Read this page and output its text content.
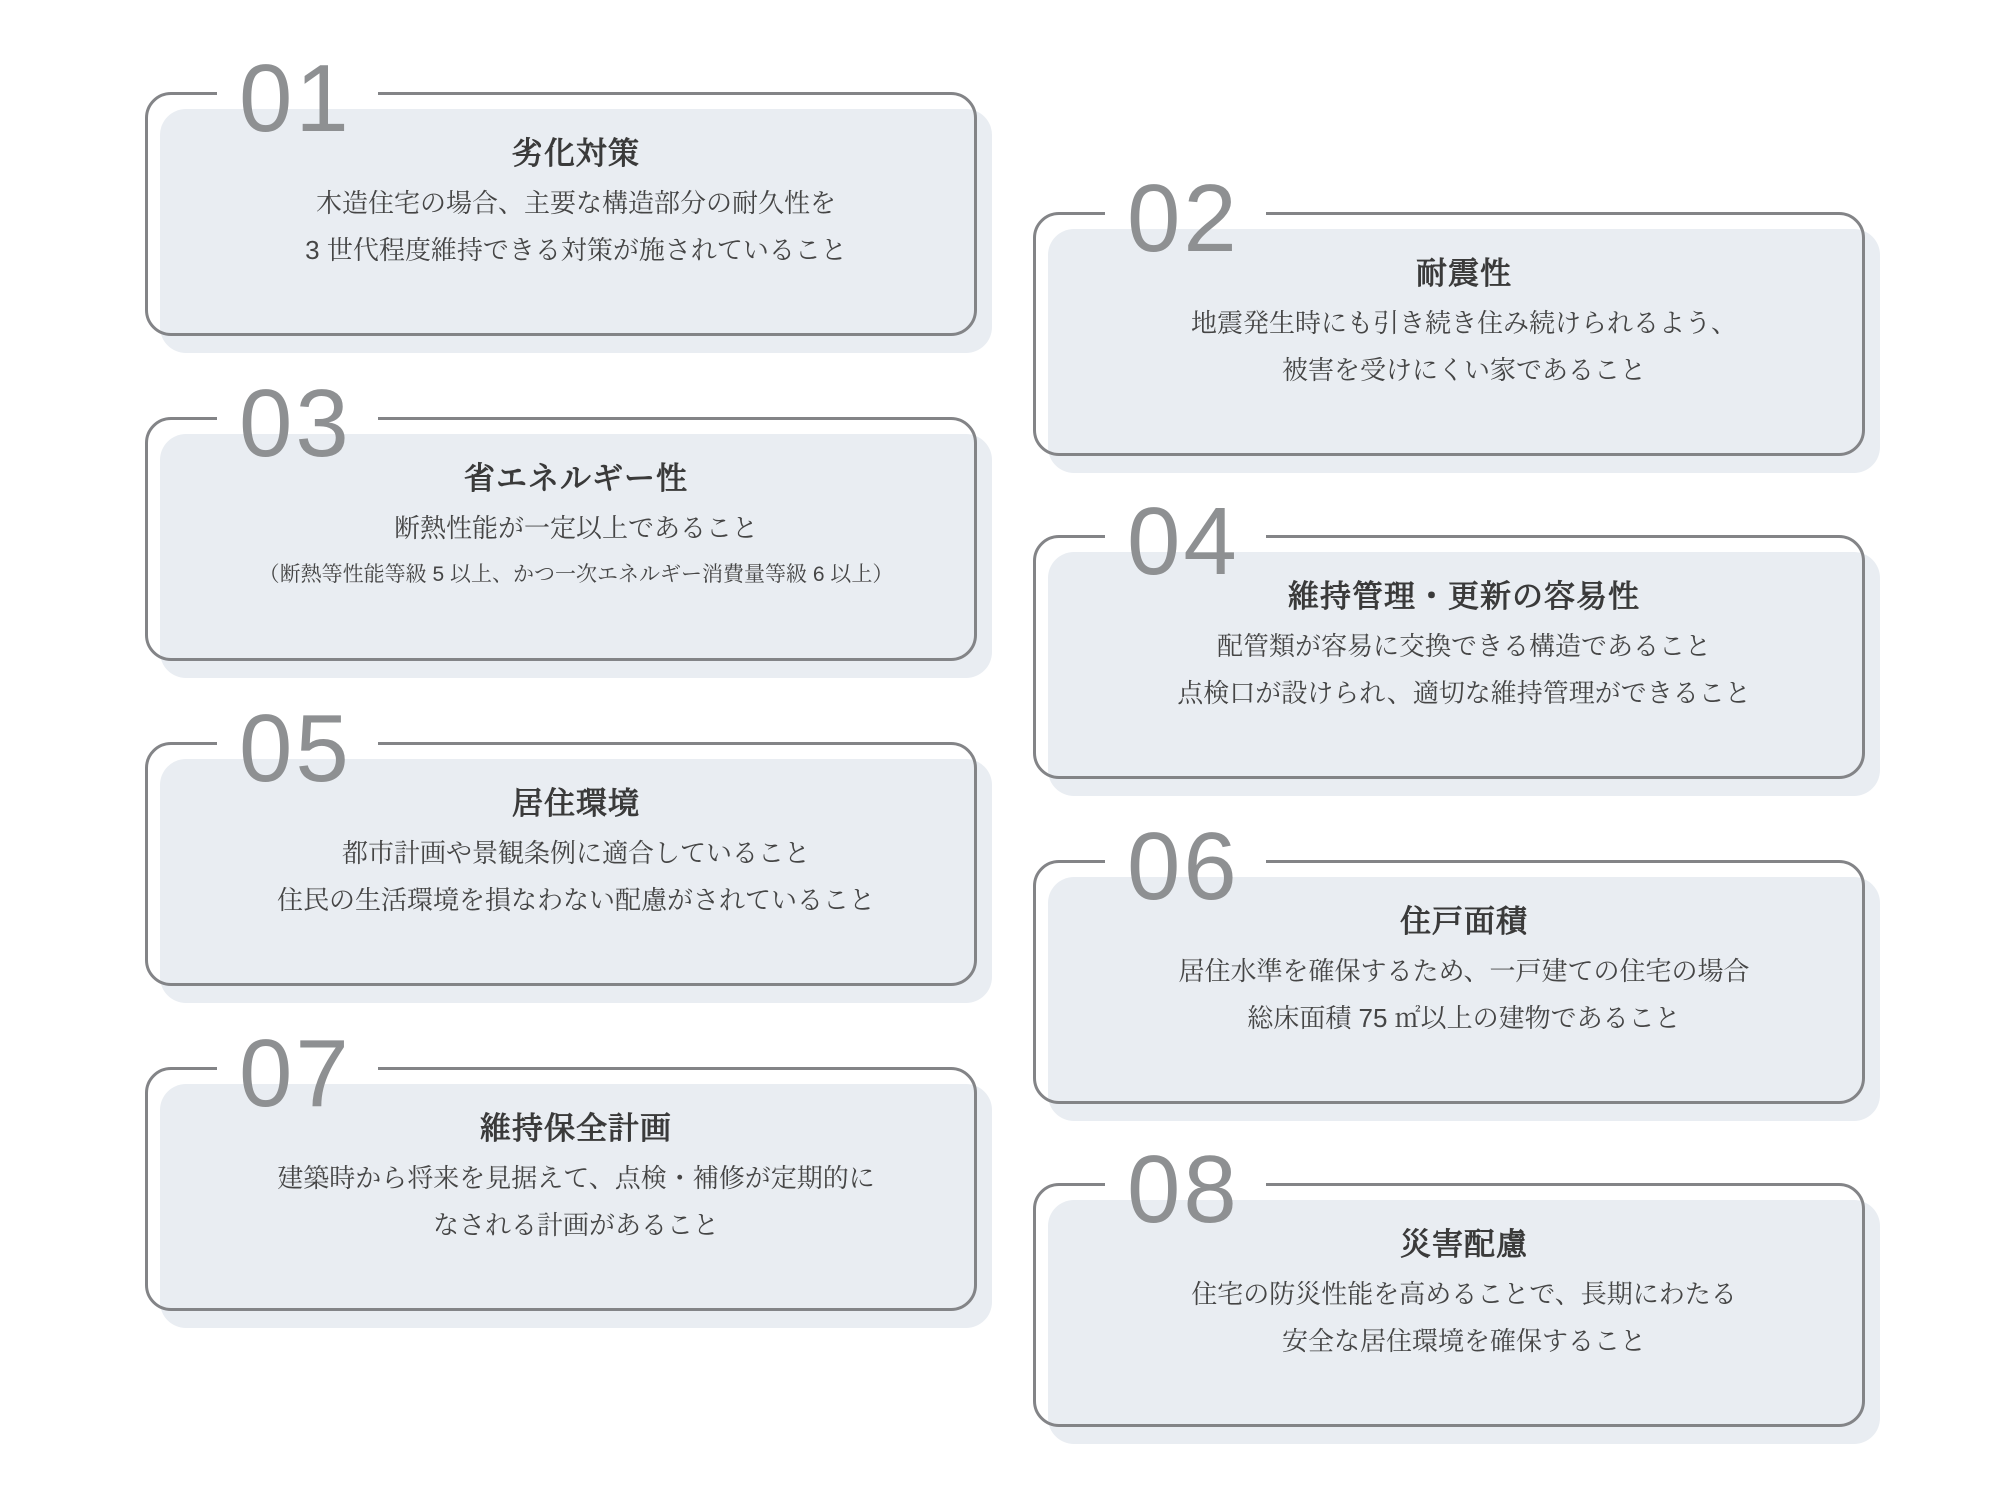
01
劣化対策

木造住宅の場合、主要な構造部分の耐久性を
3 世代程度維持できる対策が施されていること	02
耐震性

地震発生時にも引き続き住み続けられるよう、
被害を受けにくい家であること

03
省エネルギー性

断熱性能が一定以上であること
（断熱等性能等級 5 以上、かつ一次エネルギー消費量等級 6 以上） 04
維持管理・更新の容易性

配管類が容易に交換できる構造であること
点検口が設けられ、適切な維持管理ができること

05
居住環境

都市計画や景観条例に適合していること
住民の生活環境を損なわない配慮がされていること	06
住戸面積

居住水準を確保するため、一戸建ての住宅の場合
総床面積 75 ㎡以上の建物であること

07
維持保全計画

建築時から将来を見据えて、点検・補修が定期的に
なされる計画があること	08
災害配慮

住宅の防災性能を高めることで、長期にわたる
安全な居住環境を確保すること
